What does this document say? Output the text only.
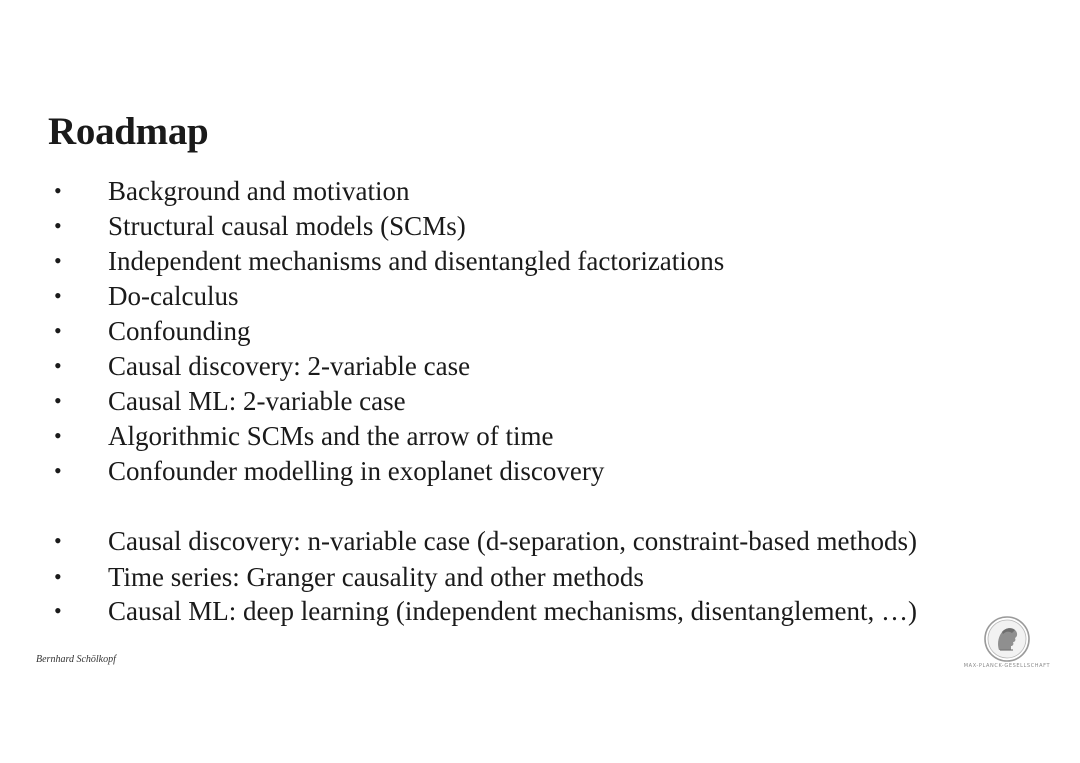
Roadmap
• Background and motivation
• Structural causal models (SCMs)
• Independent mechanisms and disentangled factorizations
• Do-calculus
• Confounding
• Causal discovery: 2-variable case
• Causal ML: 2-variable case
• Algorithmic SCMs and the arrow of time
• Confounder modelling in exoplanet discovery
• Causal discovery: n-variable case (d-separation, constraint-based methods)
• Time series: Granger causality and other methods
• Causal ML: deep learning (independent mechanisms, disentanglement, …)
Bernhard Schölkopf
MAX-PLANCK-GESELLSCHAFT
